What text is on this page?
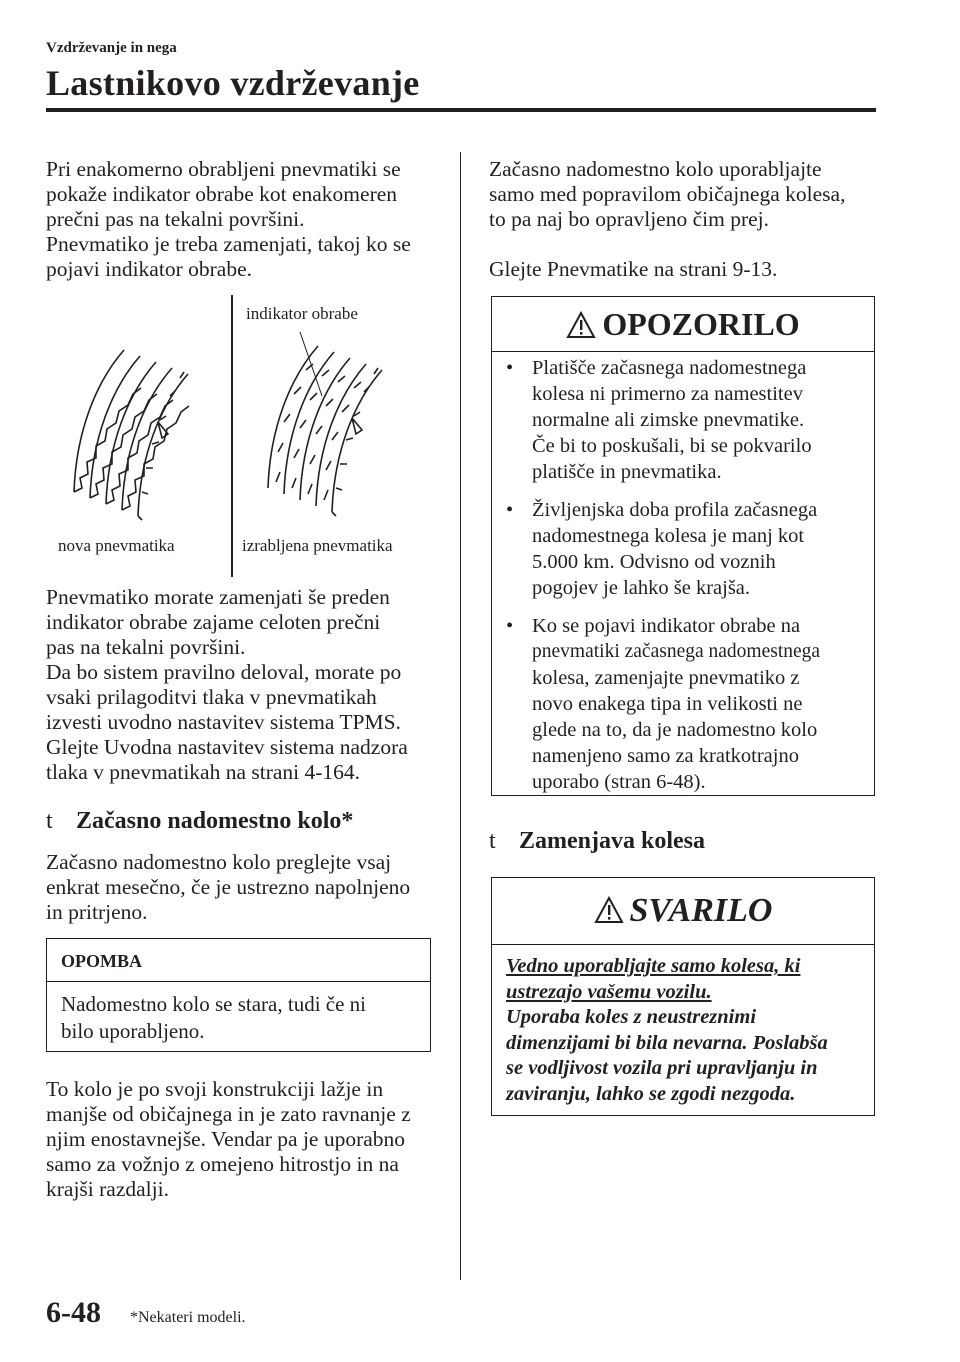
Vzdrževanje in nega
Lastnikovo vzdrževanje
Pri enakomerno obrabljeni pnevmatiki se
pokaže indikator obrabe kot enakomeren
prečni pas na tekalni površini.
Pnevmatiko je treba zamenjati, takoj ko se
pojavi indikator obrabe.
indikator obrabe
nova pnevmatika	izrabljena pnevmatika
Pnevmatiko morate zamenjati še preden
indikator obrabe zajame celoten prečni
pas na tekalni površini.
Da bo sistem pravilno deloval, morate po
vsaki prilagoditvi tlaka v pnevmatikah
izvesti uvodno nastavitev sistema TPMS.
Glejte Uvodna nastavitev sistema nadzora
tlaka v pnevmatikah na strani 4-164.
t Začasno nadomestno kolo*
Začasno nadomestno kolo preglejte vsaj
enkrat mesečno, če je ustrezno napolnjeno
in pritrjeno.
OPOMBA
Nadomestno kolo se stara, tudi če ni
bilo uporabljeno.
To kolo je po svoji konstrukciji lažje in
manjše od običajnega in je zato ravnanje z
njim enostavnejše. Vendar pa je uporabno
samo za vožnjo z omejeno hitrostjo in na
krajši razdalji.
Začasno nadomestno kolo uporabljajte
samo med popravilom običajnega kolesa,
to pa naj bo opravljeno čim prej.
Glejte Pnevmatike na strani 9-13.
OPOZORILO
• Platišče začasnega nadomestnega
kolesa ni primerno za namestitev
normalne ali zimske pnevmatike.
Če bi to poskušali, bi se pokvarilo
platišče in pnevmatika.
• Življenjska doba profila začasnega
nadomestnega kolesa je manj kot
5.000 km. Odvisno od voznih
pogojev je lahko še krajša.
• Ko se pojavi indikator obrabe na
pnevmatiki začasnega nadomestnega
kolesa, zamenjajte pnevmatiko z
novo enakega tipa in velikosti ne
glede na to, da je nadomestno kolo
namenjeno samo za kratkotrajno
uporabo (stran 6-48).
t Zamenjava kolesa
SVARILO
Vedno uporabljajte samo kolesa, ki
ustrezajo vašemu vozilu.
Uporaba koles z neustreznimi
dimenzijami bi bila nevarna. Poslabša
se vodljivost vozila pri upravljanju in
zaviranju, lahko se zgodi nezgoda.
6-48 *Nekateri modeli.
